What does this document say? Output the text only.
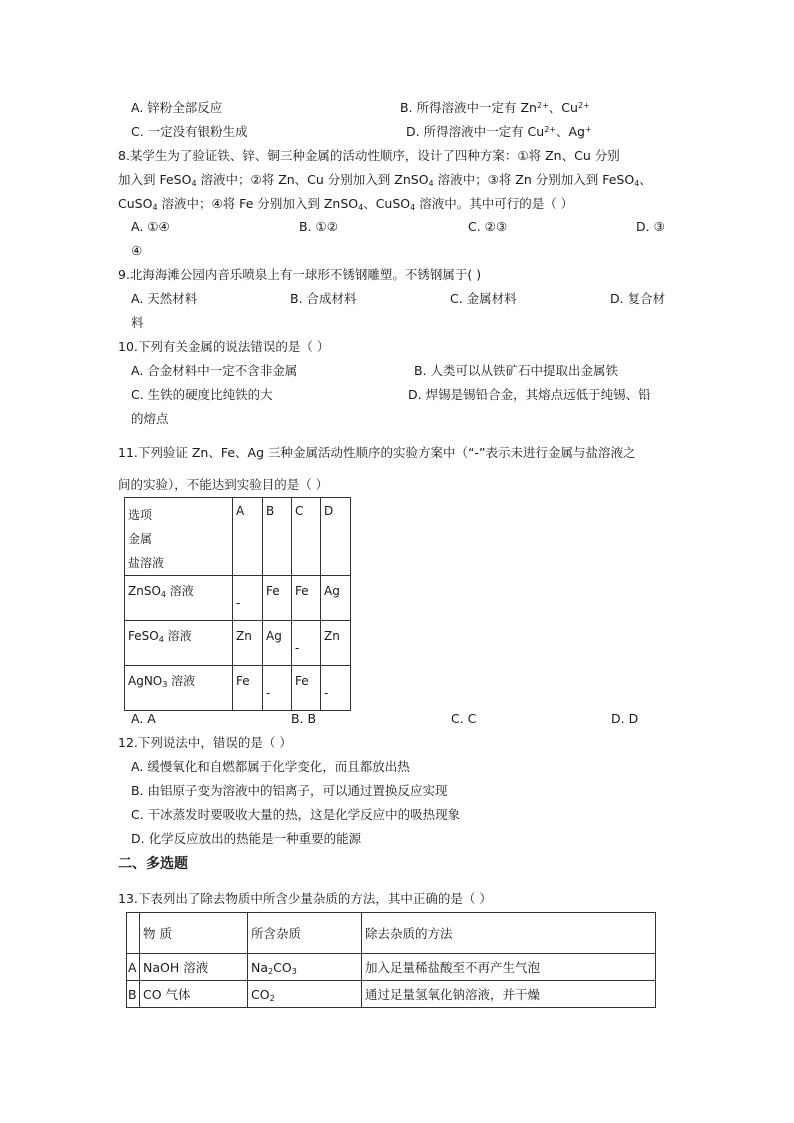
A. 锌粉全部反应	B. 所得溶液中一定有 $Zn^{2+}$、$Cu^{2+}$
C. 一定没有银粉生成	D. 所得溶液中一定有 $Cu^{2+}$、Ag+
8.某学生为了验证铁、锌、铜三种金属的活动性顺序，设计了四种方案：①将 Zn、Cu 分别
加入到 FeSO$_4$ 溶液中；②将 Zn、Cu 分别加入到 ZnSO$_4$ 溶液中；③将 Zn 分别加入到 FeSO$_4$、
CuSO$_4$ 溶液中；④将 Fe 分别加入到 ZnSO$_4$、CuSO$_4$ 溶液中。其中可行的是（ ）
A. ①④	B. ①②	C. ②③	D. ③
④
9.北海海滩公园内音乐喷泉上有一球形不锈钢雕塑。不锈钢属于( )
A. 天然材料	B. 合成材料	C. 金属材料	D. 复合材
料
10.下列有关金属的说法错误的是（ ）
A. 合金材料中一定不含非金属	B. 人类可以从铁矿石中提取出金属铁
C. 生铁的硬度比纯铁的大	D. 焊锡是锡铅合金，其熔点远低于纯锡、铅
的熔点
11.下列验证 Zn、Fe、Ag 三种金属活动性顺序的实验方案中（“-”表示未进行金属与盐溶液之
间的实验），不能达到实验目的是（ ）
选项
金属
盐溶液	A	B	C	D

ZnSO$_4$ 溶液	-	Fe	Fe	Ag

FeSO$_4$ 溶液	Zn	Ag	-	Zn

AgNO$_3$ 溶液	Fe	-	Fe	-
A. A	B. B	C. C	D. D
12.下列说法中，错误的是（ ）
A. 缓慢氧化和自燃都属于化学变化，而且都放出热
B. 由铝原子变为溶液中的铝离子，可以通过置换反应实现
C. 干冰蒸发时要吸收大量的热，这是化学反应中的吸热现象
D. 化学反应放出的热能是一种重要的能源
二、多选题
13.下表列出了除去物质中所含少量杂质的方法，其中正确的是（ ）
	物 质	所含杂质	除去杂质的方法
A	NaOH 溶液	$Na_2CO_3$	加入足量稀盐酸至不再产生气泡
B	CO 气体	$CO_2$	通过足量氢氧化钠溶液，并干燥
